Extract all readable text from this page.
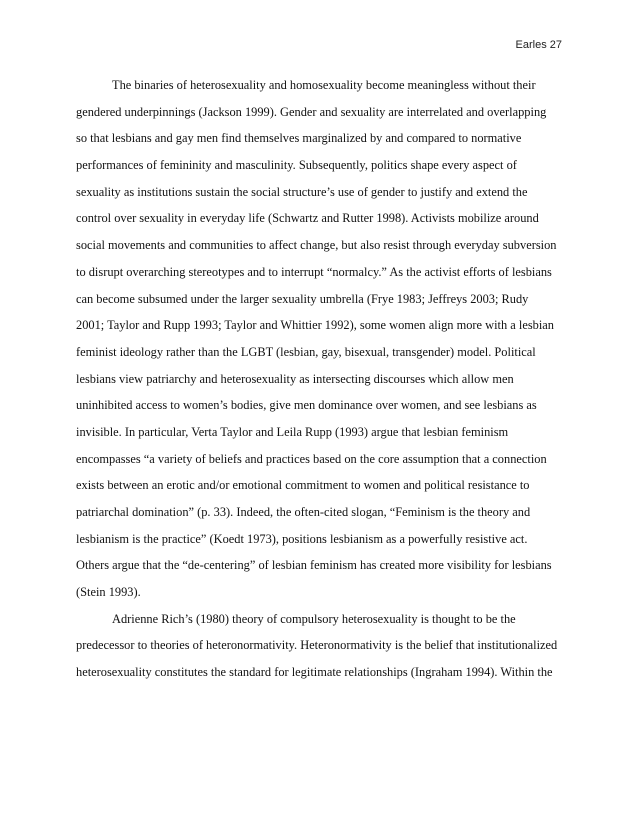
Earles 27
The binaries of heterosexuality and homosexuality become meaningless without their
gendered underpinnings (Jackson 1999). Gender and sexuality are interrelated and overlapping
so that lesbians and gay men find themselves marginalized by and compared to normative
performances of femininity and masculinity. Subsequently, politics shape every aspect of
sexuality as institutions sustain the social structure’s use of gender to justify and extend the
control over sexuality in everyday life (Schwartz and Rutter 1998). Activists mobilize around
social movements and communities to affect change, but also resist through everyday subversion
to disrupt overarching stereotypes and to interrupt “normalcy.” As the activist efforts of lesbians
can become subsumed under the larger sexuality umbrella (Frye 1983; Jeffreys 2003; Rudy
2001; Taylor and Rupp 1993; Taylor and Whittier 1992), some women align more with a lesbian
feminist ideology rather than the LGBT (lesbian, gay, bisexual, transgender) model. Political
lesbians view patriarchy and heterosexuality as intersecting discourses which allow men
uninhibited access to women’s bodies, give men dominance over women, and see lesbians as
invisible. In particular, Verta Taylor and Leila Rupp (1993) argue that lesbian feminism
encompasses “a variety of beliefs and practices based on the core assumption that a connection
exists between an erotic and/or emotional commitment to women and political resistance to
patriarchal domination” (p. 33). Indeed, the often-cited slogan, “Feminism is the theory and
lesbianism is the practice” (Koedt 1973), positions lesbianism as a powerfully resistive act.
Others argue that the “de-centering” of lesbian feminism has created more visibility for lesbians
(Stein 1993).
Adrienne Rich’s (1980) theory of compulsory heterosexuality is thought to be the
predecessor to theories of heteronormativity. Heteronormativity is the belief that institutionalized
heterosexuality constitutes the standard for legitimate relationships (Ingraham 1994). Within the
